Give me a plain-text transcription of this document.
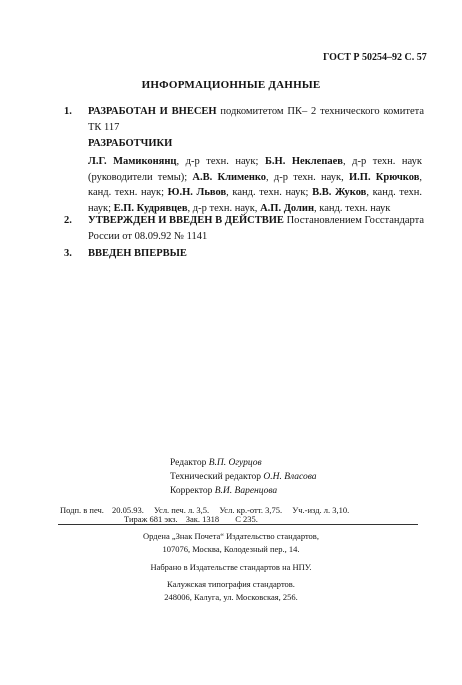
ГОСТ Р 50254–92 С. 57
ИНФОРМАЦИОННЫЕ ДАННЫЕ
1. РАЗРАБОТАН И ВНЕСЕН подкомитетом ПК– 2 технического комитета ТК 117
РАЗРАБОТЧИКИ
Л.Г. Мамиконянц, д-р техн. наук; Б.Н. Неклепаев, д-р техн. наук (руководители темы); А.В. Клименко, д-р техн. наук, И.П. Крючков, канд. техн. наук; Ю.Н. Львов, канд. техн. наук; В.В. Жуков, канд. техн. наук; Е.П. Кудрявцев, д-р техн. наук, А.П. Долин, канд. техн. наук
2. УТВЕРЖДЕН И ВВЕДЕН В ДЕЙСТВИЕ Постановлением Госстандарта России от 08.09.92 № 1141
3. ВВЕДЕН ВПЕРВЫЕ
Редактор В.П. Огурцов
Технический редактор О.Н. Власова
Корректор В.И. Варенцова
Подп. в печ. 20.05.93. Усл. печ. л. 3,5. Усл. кр.-отт. 3,75. Уч.-изд. л. 3,10.
Тираж 681 экз. Зак. 1318 С 235.
Ордена „Знак Почета“ Издательство стандартов,
107076, Москва, Колодезный пер., 14.
Набрано в Издательстве стандартов на НПУ.
Калужская типография стандартов.
248006, Калуга, ул. Московская, 256.
